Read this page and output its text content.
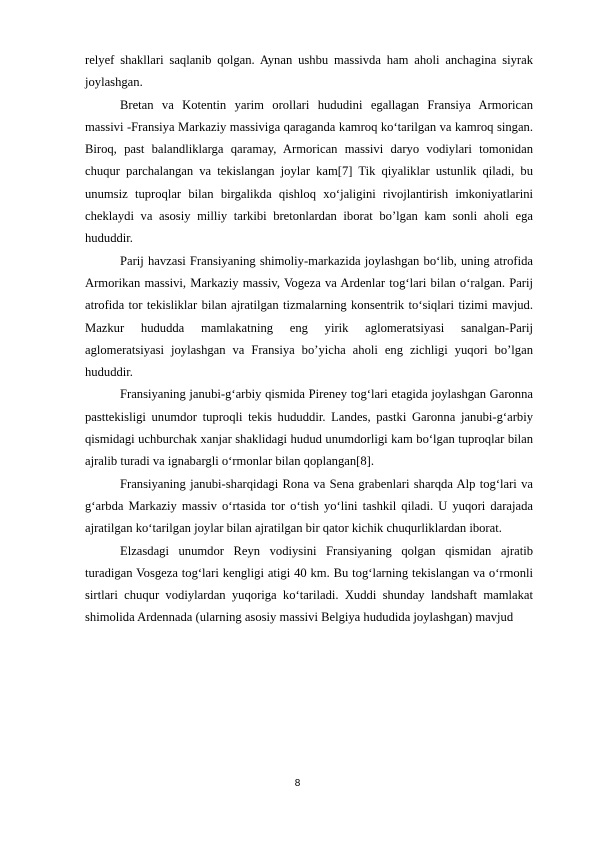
relyef shakllari saqlanib qolgan. Aynan ushbu massivda ham aholi anchagina siyrak joylashgan.

Bretan va Kotentin yarim orollari hududini egallagan Fransiya Armorican massivi -Fransiya Markaziy massiviga qaraganda kamroq ko‘tarilgan va kamroq singan. Biroq, past balandliklarga qaramay, Armorican massivi daryo vodiylari tomonidan chuqur parchalangan va tekislangan joylar kam[7] Tik qiyaliklar ustunlik qiladi, bu unumsiz tuproqlar bilan birgalikda qishloq xo‘jaligini rivojlantirish imkoniyatlarini cheklaydi va asosiy milliy tarkibi bretonlardan iborat bo’lgan kam sonli aholi ega hududdir.

Parij havzasi Fransiyaning shimoliy-markazida joylashgan bo‘lib, uning atrofida Armorikan massivi, Markaziy massiv, Vogeza va Ardenlar tog‘lari bilan o‘ralgan. Parij atrofida tor tekisliklar bilan ajratilgan tizmalarning konsentrik to‘siqlari tizimi mavjud. Mazkur hududda mamlakatning eng yirik aglomeratsiyasi sanalgan-Parij aglomeratsiyasi joylashgan va Fransiya bo’yicha aholi eng zichligi yuqori bo’lgan hududdir.

Fransiyaning janubi-g‘arbiy qismida Pireney tog‘lari etagida joylashgan Garonna pasttekisligi unumdor tuproqli tekis hududdir. Landes, pastki Garonna janubi-g‘arbiy qismidagi uchburchak xanjar shaklidagi hudud unumdorligi kam bo‘lgan tuproqlar bilan ajralib turadi va ignabargli o‘rmonlar bilan qoplangan[8].

Fransiyaning janubi-sharqidagi Rona va Sena grabenlari sharqda Alp tog‘lari va g‘arbda Markaziy massiv o‘rtasida tor o‘tish yo‘lini tashkil qiladi. U yuqori darajada ajratilgan ko‘tarilgan joylar bilan ajratilgan bir qator kichik chuqurliklardan iborat.

Elzasdagi unumdor Reyn vodiysini Fransiyaning qolgan qismidan ajratib turadigan Vosgeza tog‘lari kengligi atigi 40 km. Bu tog‘larning tekislangan va o‘rmonli sirtlari chuqur vodiylardan yuqoriga ko‘tariladi. Xuddi shunday landshaft mamlakat shimolida Ardennada (ularning asosiy massivi Belgiya hududida joylashgan) mavjud

8
